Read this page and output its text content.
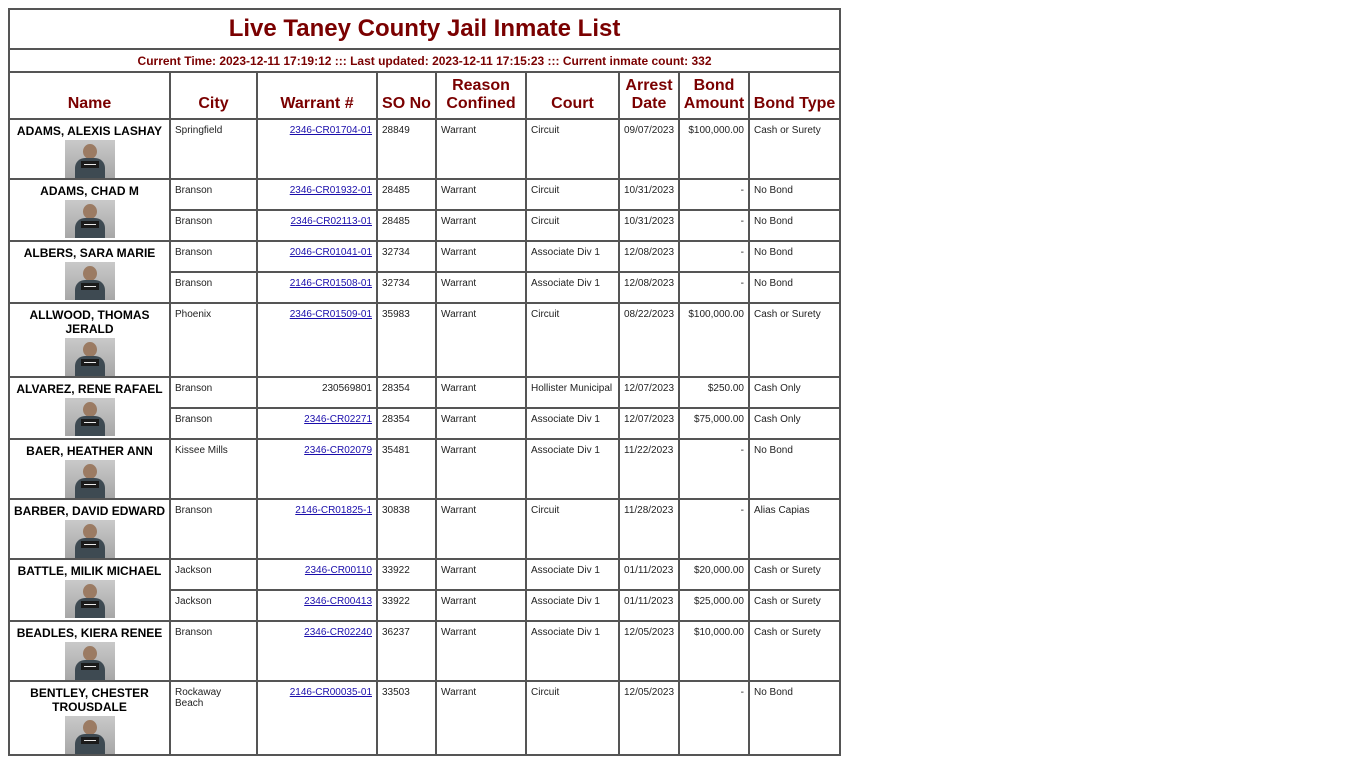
Live Taney County Jail Inmate List								
Current Time: 2023-12-11 17:19:12 ::: Last updated: 2023-12-11 17:15:23 ::: Current inmate count: 332								
Name	City	Warrant #	SO No	Reason Confined	Court	Arrest Date	Bond Amount	Bond Type
ADAMS, ALEXIS LASHAY	Springfield	2346-CR01704-01	28849	Warrant	Circuit	09/07/2023	$100,000.00	Cash or Surety
ADAMS, CHAD M	Branson	2346-CR01932-01	28485	Warrant	Circuit	10/31/2023	-	No Bond
	Branson	2346-CR02113-01	28485	Warrant	Circuit	10/31/2023	-	No Bond
ALBERS, SARA MARIE	Branson	2046-CR01041-01	32734	Warrant	Associate Div 1	12/08/2023	-	No Bond
	Branson	2146-CR01508-01	32734	Warrant	Associate Div 1	12/08/2023	-	No Bond
ALLWOOD, THOMAS JERALD	Phoenix	2346-CR01509-01	35983	Warrant	Circuit	08/22/2023	$100,000.00	Cash or Surety
ALVAREZ, RENE RAFAEL	Branson	230569801	28354	Warrant	Hollister Municipal	12/07/2023	$250.00	Cash Only
	Branson	2346-CR02271	28354	Warrant	Associate Div 1	12/07/2023	$75,000.00	Cash Only
BAER, HEATHER ANN	Kissee Mills	2346-CR02079	35481	Warrant	Associate Div 1	11/22/2023	-	No Bond
BARBER, DAVID EDWARD	Branson	2146-CR01825-1	30838	Warrant	Circuit	11/28/2023	-	Alias Capias
BATTLE, MILIK MICHAEL	Jackson	2346-CR00110	33922	Warrant	Associate Div 1	01/11/2023	$20,000.00	Cash or Surety
	Jackson	2346-CR00413	33922	Warrant	Associate Div 1	01/11/2023	$25,000.00	Cash or Surety
BEADLES, KIERA RENEE	Branson	2346-CR02240	36237	Warrant	Associate Div 1	12/05/2023	$10,000.00	Cash or Surety
BENTLEY, CHESTER TROUSDALE	Rockaway Beach	2146-CR00035-01	33503	Warrant	Circuit	12/05/2023	-	No Bond
